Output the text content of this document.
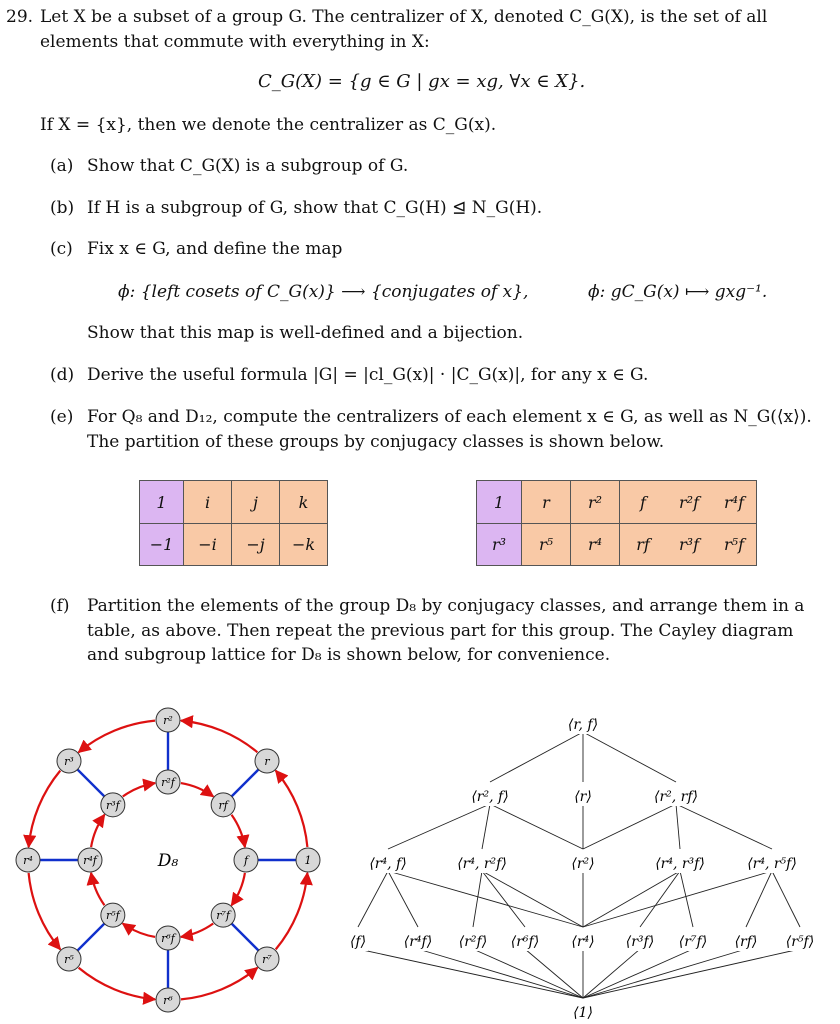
29. Let X be a subset of a group G. The centralizer of X, denoted C_G(X), is the set of all
elements that commute with everything in X:
C_G(X) = {g ∈ G | gx = xg, ∀x ∈ X}.
If X = {x}, then we denote the centralizer as C_G(x).
(a) Show that C_G(X) is a subgroup of G.
(b) If H is a subgroup of G, show that C_G(H) ⊴ N_G(H).
(c) Fix x ∈ G, and define the map
ϕ: {left cosets of C_G(x)} ⟶ {conjugates of x},	ϕ: gC_G(x) ⟼ gxg⁻¹.
Show that this map is well-defined and a bijection.
(d) Derive the useful formula |G| = |cl_G(x)| · |C_G(x)|, for any x ∈ G.
(e) For Q₈ and D₁₂, compute the centralizers of each element x ∈ G, as well as N_G(⟨x⟩).
The partition of these groups by conjugacy classes is shown below.
1	i	j	k
−1	−i	−j	−k
1	r	r²	f	r²f	r⁴f
r³	r⁵	r⁴	rf	r³f	r⁵f
(f) Partition the elements of the group D₈ by conjugacy classes, and arrange them in a
table, as above. Then repeat the previous part for this group. The Cayley diagram
and subgroup lattice for D₈ is shown below, for convenience.
r²
r
1
r⁷
r⁶
r⁵
r⁴
r³
r²f
rf
f
r⁷f
r⁶f
r⁵f
r⁴f
r³f
D₈
⟨r, f⟩
⟨r², f⟩	⟨r⟩	⟨r², rf⟩
⟨r⁴, f⟩	⟨r⁴, r²f⟩	⟨r²⟩	⟨r⁴, r³f⟩	⟨r⁴, r⁵f⟩
⟨f⟩	⟨r⁴f⟩ ⟨r²f⟩ ⟨r⁶f⟩ ⟨r⁴⟩ ⟨r³f⟩ ⟨r⁷f⟩ ⟨rf⟩ ⟨r⁵f⟩
⟨1⟩
